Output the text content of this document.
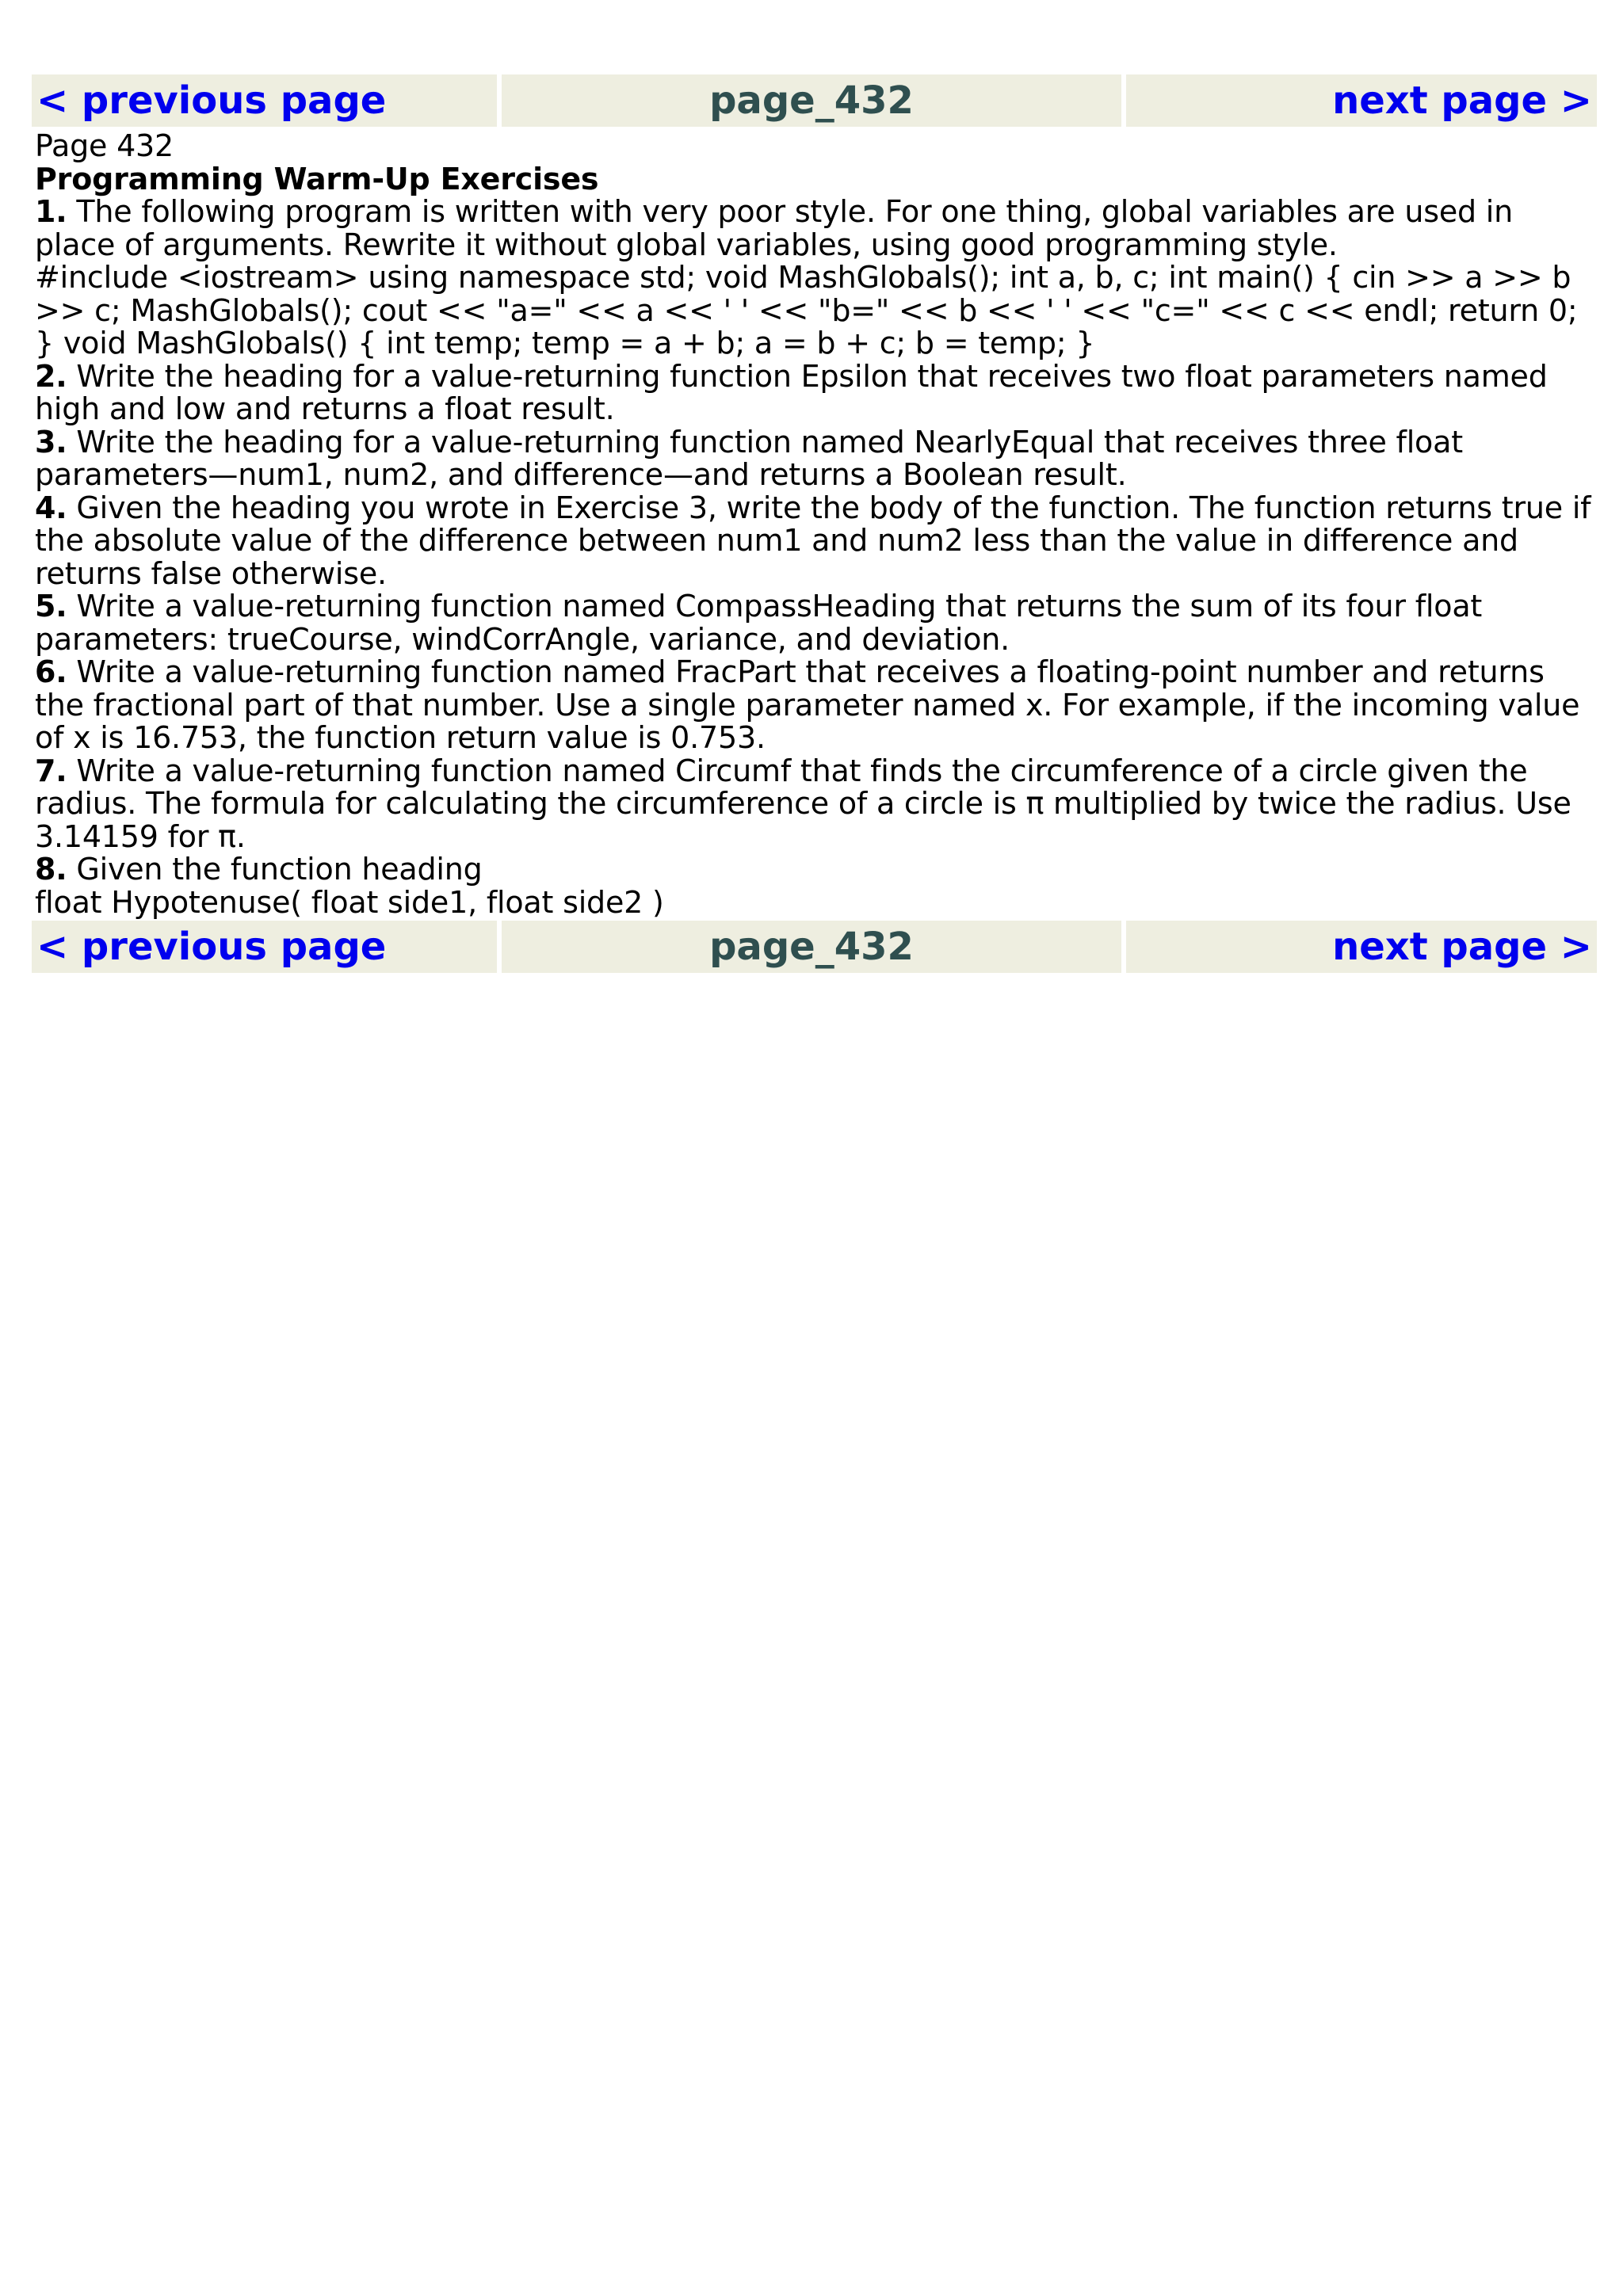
< previous page	page_432	next page >

Page 432

Programming Warm-Up Exercises

1. The following program is written with very poor style. For one thing, global variables are used in place of arguments. Rewrite it without global variables, using good programming style.

#include <iostream> using namespace std; void MashGlobals(); int a, b, c; int main() { cin >> a >> b >> c; MashGlobals(); cout << "a=" << a << ' ' << "b=" << b << ' ' << "c=" << c << endl; return 0; } void MashGlobals() { int temp; temp = a + b; a = b + c; b = temp; }

2. Write the heading for a value-returning function Epsilon that receives two float parameters named high and low and returns a float result.

3. Write the heading for a value-returning function named NearlyEqual that receives three float parameters—num1, num2, and difference—and returns a Boolean result.

4. Given the heading you wrote in Exercise 3, write the body of the function. The function returns true if the absolute value of the difference between num1 and num2 less than the value in difference and returns false otherwise.

5. Write a value-returning function named CompassHeading that returns the sum of its four float parameters: trueCourse, windCorrAngle, variance, and deviation.

6. Write a value-returning function named FracPart that receives a floating-point number and returns the fractional part of that number. Use a single parameter named x. For example, if the incoming value of x is 16.753, the function return value is 0.753.

7. Write a value-returning function named Circumf that finds the circumference of a circle given the radius. The formula for calculating the circumference of a circle is π multiplied by twice the radius. Use 3.14159 for π.

8. Given the function heading

float Hypotenuse( float side1, float side2 )

< previous page	page_432	next page >
